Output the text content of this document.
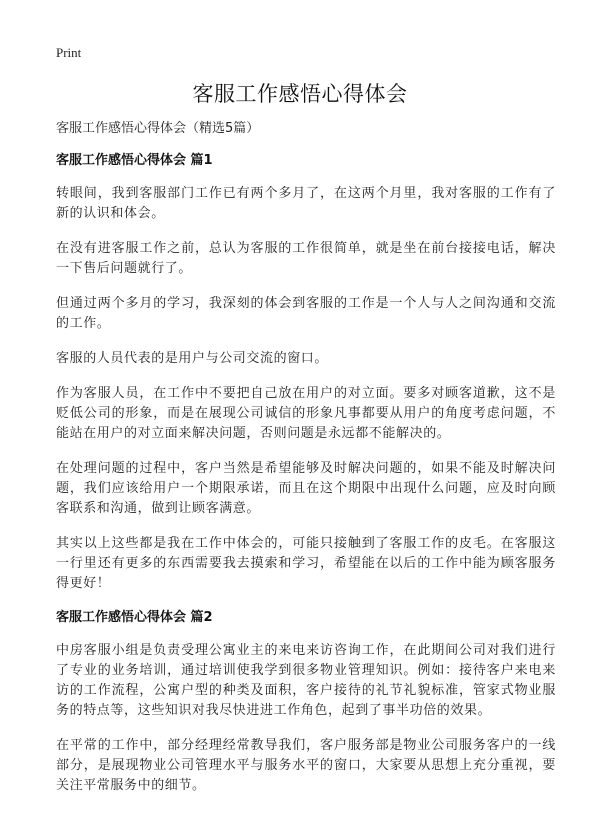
Print
客服工作感悟心得体会

客服工作感悟心得体会（精选5篇）

客服工作感悟心得体会 篇1

转眼间，我到客服部门工作已有两个多月了，在这两个月里，我对客服的工作有了新的认识和体会。

在没有进客服工作之前，总认为客服的工作很简单，就是坐在前台接接电话，解决一下售后问题就行了。

但通过两个多月的学习，我深刻的体会到客服的工作是一个人与人之间沟通和交流的工作。

客服的人员代表的是用户与公司交流的窗口。

作为客服人员，在工作中不要把自己放在用户的对立面。要多对顾客道歉，这不是贬低公司的形象，而是在展现公司诚信的形象凡事都要从用户的角度考虑问题，不能站在用户的对立面来解决问题，否则问题是永远都不能解决的。

在处理问题的过程中，客户当然是希望能够及时解决问题的，如果不能及时解决问题，我们应该给用户一个期限承诺，而且在这个期限中出现什么问题，应及时向顾客联系和沟通，做到让顾客满意。

其实以上这些都是我在工作中体会的，可能只接触到了客服工作的皮毛。在客服这一行里还有更多的东西需要我去摸索和学习，希望能在以后的工作中能为顾客服务得更好！

客服工作感悟心得体会 篇2

中房客服小组是负责受理公寓业主的来电来访咨询工作，在此期间公司对我们进行了专业的业务培训，通过培训使我学到很多物业管理知识。例如：接待客户来电来访的工作流程，公寓户型的种类及面积，客户接待的礼节礼貌标准，管家式物业服务的特点等，这些知识对我尽快进进工作角色，起到了事半功倍的效果。

在平常的工作中，部分经理经常教导我们，客户服务部是物业公司服务客户的一线部分，是展现物业公司管理水平与服务水平的窗口，大家要从思想上充分重视，要关注平常服务中的细节。
